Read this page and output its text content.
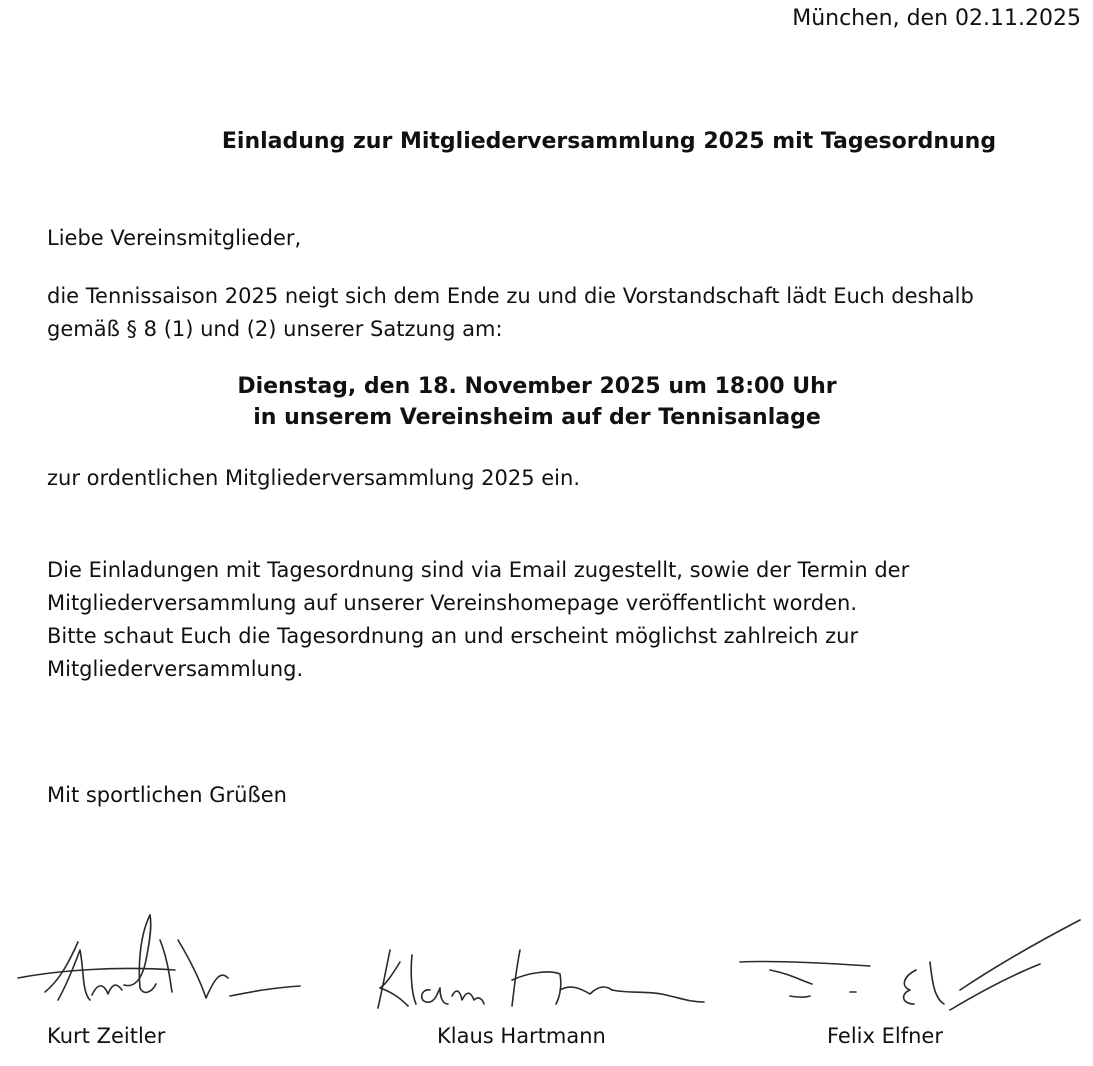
München, den 02.11.2025
Einladung zur Mitgliederversammlung 2025 mit Tagesordnung
Liebe Vereinsmitglieder,
die Tennissaison 2025 neigt sich dem Ende zu und die Vorstandschaft lädt Euch deshalb
gemäß § 8 (1) und (2) unserer Satzung am:
Dienstag, den 18. November 2025 um 18:00 Uhr
in unserem Vereinsheim auf der Tennisanlage
zur ordentlichen Mitgliederversammlung 2025 ein.
Die Einladungen mit Tagesordnung sind via Email zugestellt, sowie der Termin der
Mitgliederversammlung auf unserer Vereinshomepage veröffentlicht worden.
Bitte schaut Euch die Tagesordnung an und erscheint möglichst zahlreich zur
Mitgliederversammlung.
Mit sportlichen Grüßen
Kurt Zeitler	Klaus Hartmann	Felix Elfner
